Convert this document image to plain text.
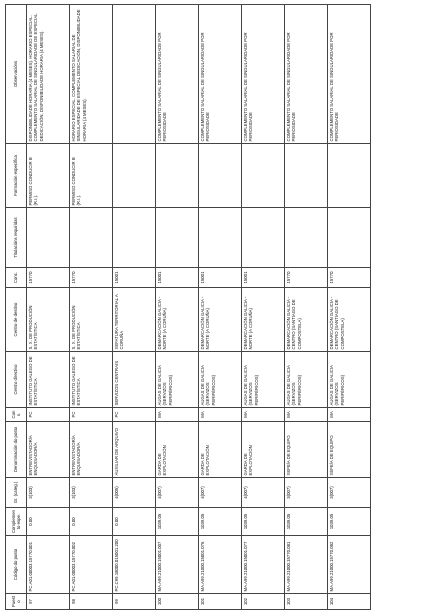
Puesto	Código do posto	Complemento espe.	Gr. (categ.)	Denominación do posto	Cons.	Centro directivo	Centro de destino	Conc.	Titulacións requiridas	Formación específica	Observacións
97	PC.A01.00003.15770.001	0.00	3(103)	ENTREVISTADOR/A ENQUISADOR/A	PC	INSTITUTO GALEGO DE ESTATÍSTICA	S. X. DE PRODUCIÓN ESTATÍSTICA	15770		PERMISO CONDUCIR B (R.I.).	DISPONIBILIDADE HORARIA (4 MESES). HORARIO ESPECIAL. COMPLEMENTO SALARIAL DE SINGULARIDADE DE ESPECIAL DEDICACIÓN, DISPONIBILIDADE HORARIA (4 MESES).
98	PC.A01.00003.15770.002	0.00	3(103)	ENTREVISTADOR/A ENQUISADOR/A	PC	INSTITUTO GALEGO DE ESTATÍSTICA	S. X. DE PRODUCIÓN ESTATÍSTICA	15770		PERMISO CONDUCIR B (R.I.).	HORARIO ESPECIAL. COMPLEMENTO SALARIAL DE SINGULARIDADE DE ESPECIAL DEDICACIÓN, DISPONIBILIDADE HORARIA (4 MESES).
99	PC.C99.18000.015001.200	0.00	4(005)	AUXILIAR DE ARQUIVO	PC	SERVIZOS CENTRAIS	XEFATURA TERRITORIAL A CORUÑA	15001			
100	MA.A99.21000.15001.007	1039.05	4(007)	GARDA DE EXPLOTACIÓN	MA	AUGAS DE GALICIA (SERVIZOS PERIFÉRICOS)	DEMARCACIÓN GALICIA - NORTE (A CORUÑA)	15001			COMPLEMENTO SALARIAL DE SINGULARIDADE POR PERIOSIDADE
101	MA.A99.21000.15001.076	1039.05	4(007)	GARDA DE EXPLOTACIÓN	MA	AUGAS DE GALICIA (SERVIZOS PERIFÉRICOS)	DEMARCACIÓN GALICIA - NORTE (A CORUÑA)	15001			COMPLEMENTO SALARIAL DE SINGULARIDADE POR PERIOSIDADE
102	MA.A99.21000.15001.077	1039.05	4(007)	GARDA DE EXPLOTACIÓN	MA	AUGAS DE GALICIA (SERVIZOS PERIFÉRICOS)	DEMARCACIÓN GALICIA - NORTE (A CORUÑA)	15001			COMPLEMENTO SALARIAL DE SINGULARIDADE POR PERIOSIDADE
103	MA.A99.21000.15770.081	1039.05	3(007)	XEFE/A DE EQUIPO	MA	AUGAS DE GALICIA (SERVIZOS PERIFÉRICOS)	DEMARCACIÓN GALICIA - CENTRO (SANTIAGO DE COMPOSTELA)	15770			COMPLEMENTO SALARIAL DE SINGULARIDADE POR PERIOSIDADE
104	MA.A99.21000.15770.082	1039.05	3(007)	XEFE/A DE EQUIPO	MA	AUGAS DE GALICIA (SERVIZOS PERIFÉRICOS)	DEMARCACIÓN GALICIA - CENTRO (SANTIAGO DE COMPOSTELA)	15770			COMPLEMENTO SALARIAL DE SINGULARIDADE POR PERIOSIDADE
